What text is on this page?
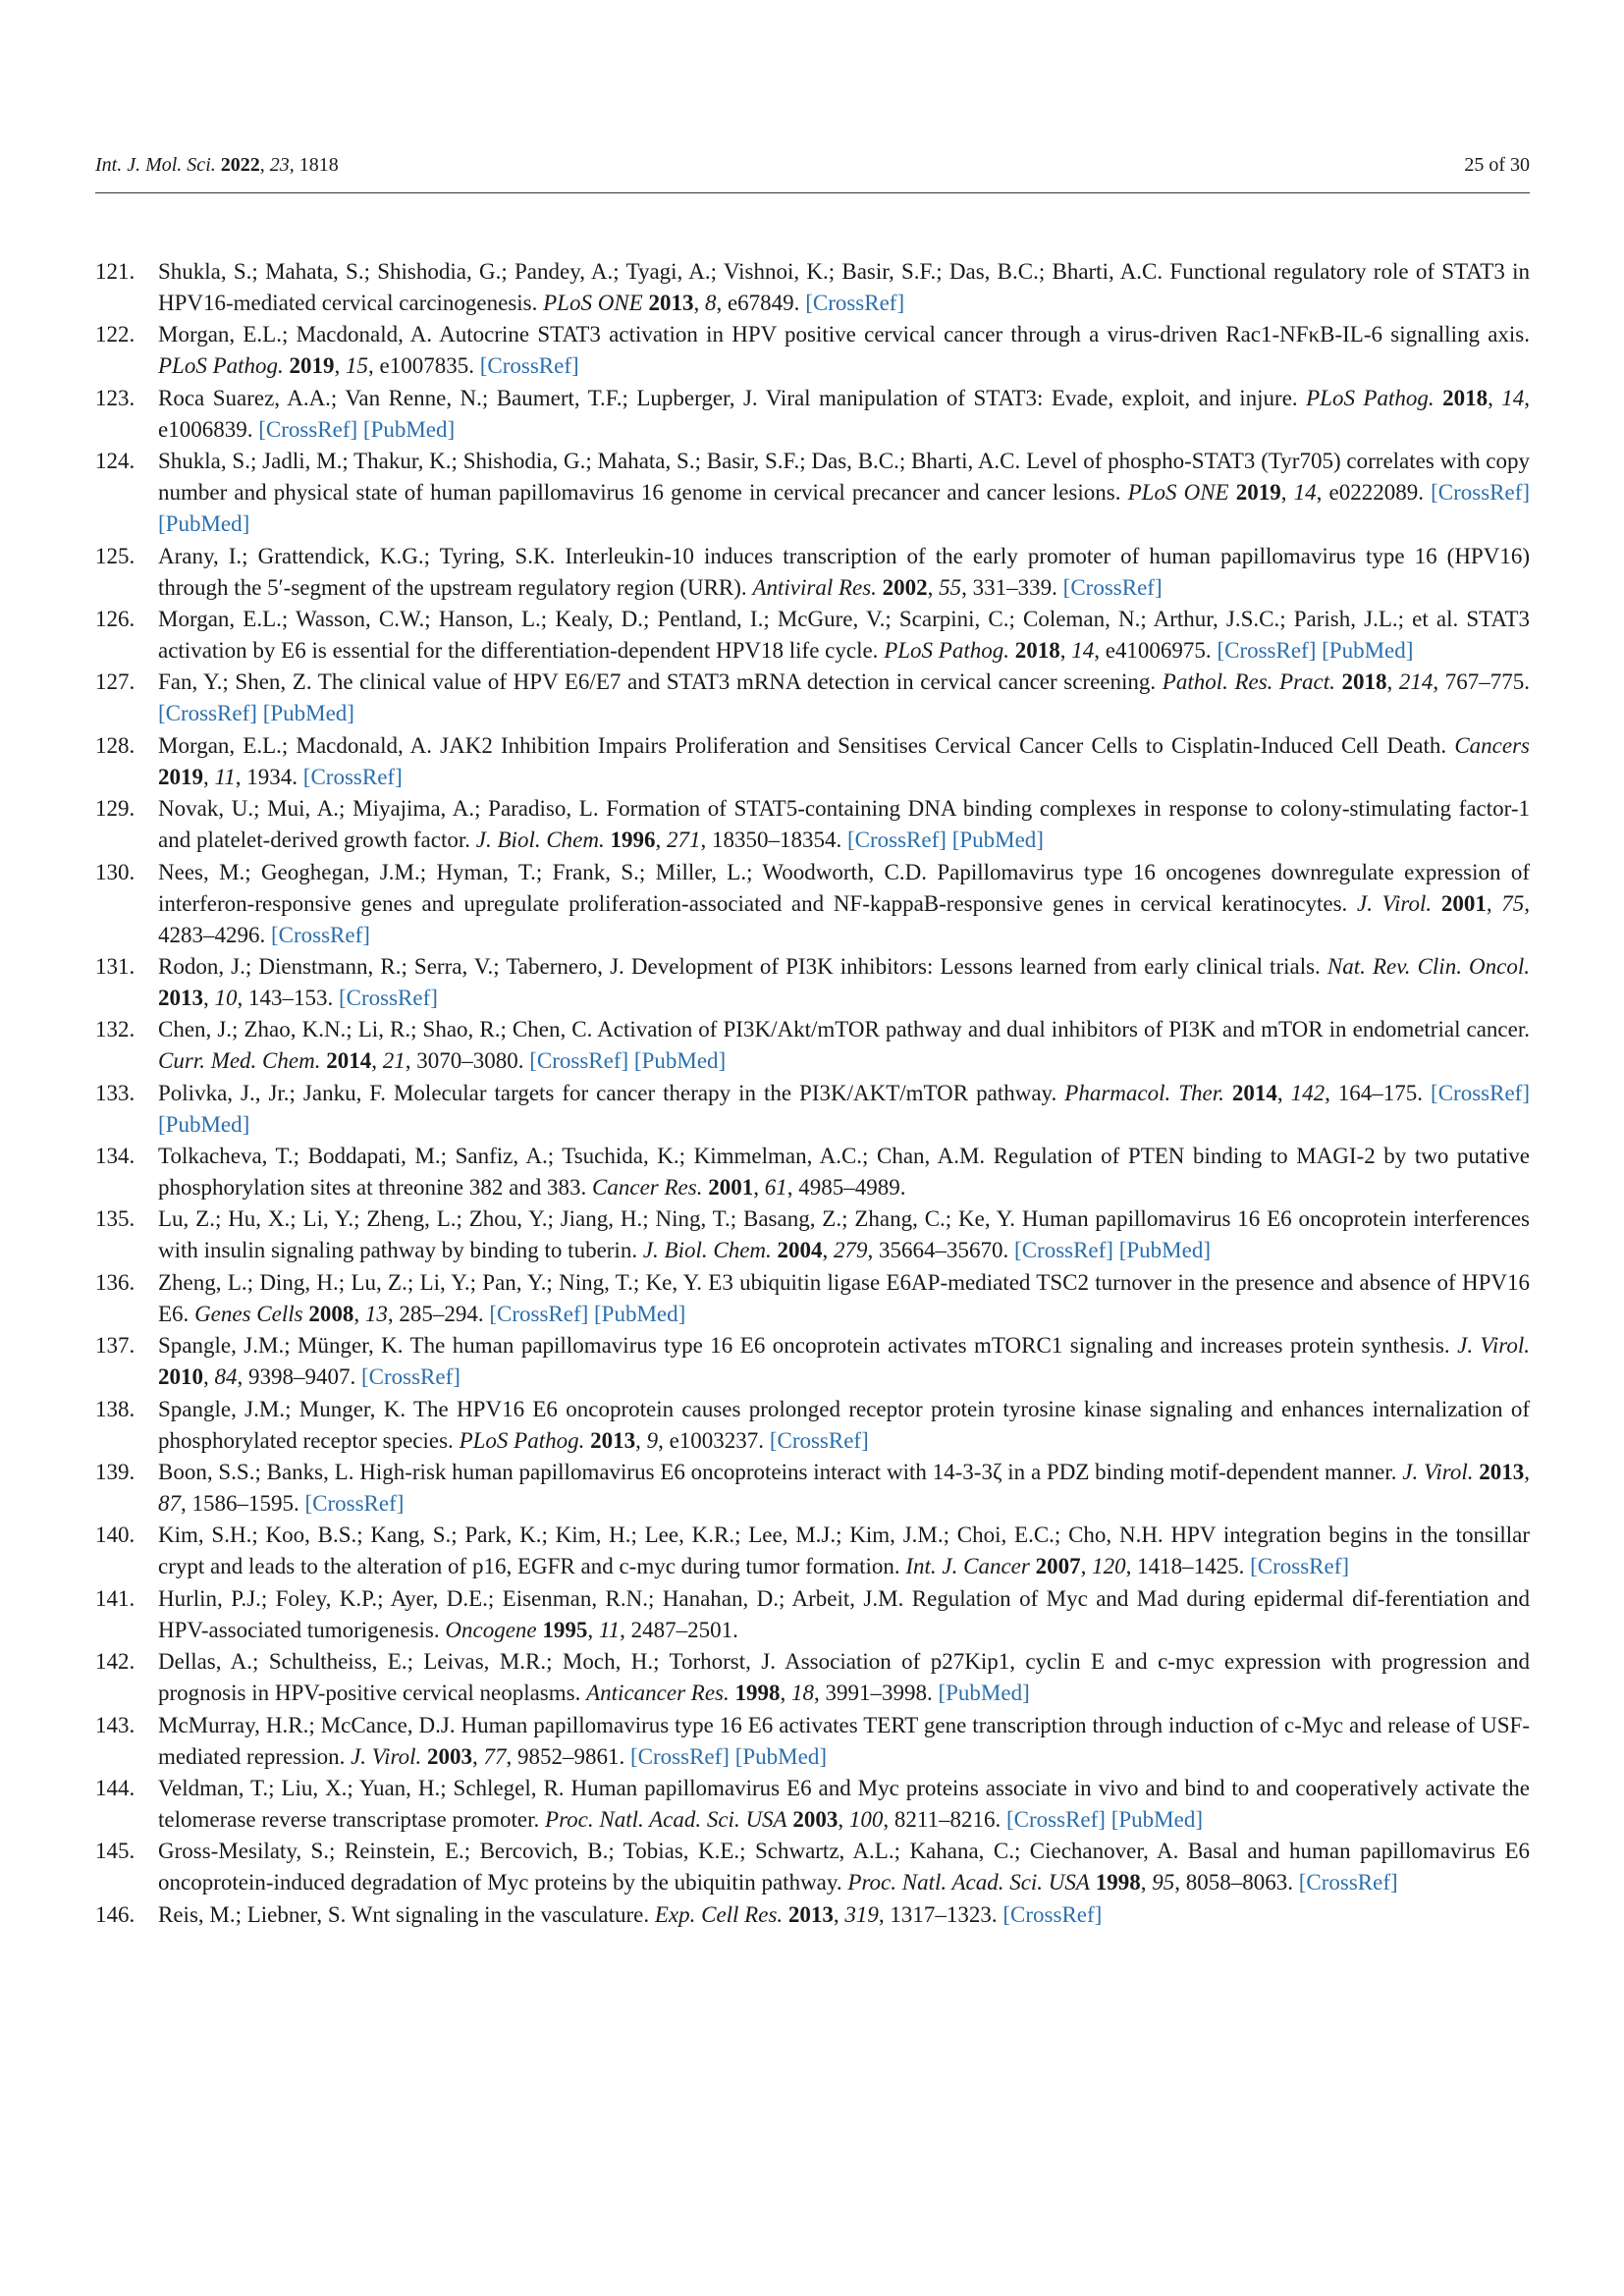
Int. J. Mol. Sci. 2022, 23, 1818	25 of 30
121.	Shukla, S.; Mahata, S.; Shishodia, G.; Pandey, A.; Tyagi, A.; Vishnoi, K.; Basir, S.F.; Das, B.C.; Bharti, A.C. Functional regulatory role of STAT3 in HPV16-mediated cervical carcinogenesis. PLoS ONE 2013, 8, e67849. [CrossRef]
122.	Morgan, E.L.; Macdonald, A. Autocrine STAT3 activation in HPV positive cervical cancer through a virus-driven Rac1-NFκB-IL-6 signalling axis. PLoS Pathog. 2019, 15, e1007835. [CrossRef]
123.	Roca Suarez, A.A.; Van Renne, N.; Baumert, T.F.; Lupberger, J. Viral manipulation of STAT3: Evade, exploit, and injure. PLoS Pathog. 2018, 14, e1006839. [CrossRef] [PubMed]
124.	Shukla, S.; Jadli, M.; Thakur, K.; Shishodia, G.; Mahata, S.; Basir, S.F.; Das, B.C.; Bharti, A.C. Level of phospho-STAT3 (Tyr705) correlates with copy number and physical state of human papillomavirus 16 genome in cervical precancer and cancer lesions. PLoS ONE 2019, 14, e0222089. [CrossRef] [PubMed]
125.	Arany, I.; Grattendick, K.G.; Tyring, S.K. Interleukin-10 induces transcription of the early promoter of human papillomavirus type 16 (HPV16) through the 5′-segment of the upstream regulatory region (URR). Antiviral Res. 2002, 55, 331–339. [CrossRef]
126.	Morgan, E.L.; Wasson, C.W.; Hanson, L.; Kealy, D.; Pentland, I.; McGure, V.; Scarpini, C.; Coleman, N.; Arthur, J.S.C.; Parish, J.L.; et al. STAT3 activation by E6 is essential for the differentiation-dependent HPV18 life cycle. PLoS Pathog. 2018, 14, e41006975. [CrossRef] [PubMed]
127.	Fan, Y.; Shen, Z. The clinical value of HPV E6/E7 and STAT3 mRNA detection in cervical cancer screening. Pathol. Res. Pract. 2018, 214, 767–775. [CrossRef] [PubMed]
128.	Morgan, E.L.; Macdonald, A. JAK2 Inhibition Impairs Proliferation and Sensitises Cervical Cancer Cells to Cisplatin-Induced Cell Death. Cancers 2019, 11, 1934. [CrossRef]
129.	Novak, U.; Mui, A.; Miyajima, A.; Paradiso, L. Formation of STAT5-containing DNA binding complexes in response to colony-stimulating factor-1 and platelet-derived growth factor. J. Biol. Chem. 1996, 271, 18350–18354. [CrossRef] [PubMed]
130.	Nees, M.; Geoghegan, J.M.; Hyman, T.; Frank, S.; Miller, L.; Woodworth, C.D. Papillomavirus type 16 oncogenes downregulate expression of interferon-responsive genes and upregulate proliferation-associated and NF-kappaB-responsive genes in cervical keratinocytes. J. Virol. 2001, 75, 4283–4296. [CrossRef]
131.	Rodon, J.; Dienstmann, R.; Serra, V.; Tabernero, J. Development of PI3K inhibitors: Lessons learned from early clinical trials. Nat. Rev. Clin. Oncol. 2013, 10, 143–153. [CrossRef]
132.	Chen, J.; Zhao, K.N.; Li, R.; Shao, R.; Chen, C. Activation of PI3K/Akt/mTOR pathway and dual inhibitors of PI3K and mTOR in endometrial cancer. Curr. Med. Chem. 2014, 21, 3070–3080. [CrossRef] [PubMed]
133.	Polivka, J., Jr.; Janku, F. Molecular targets for cancer therapy in the PI3K/AKT/mTOR pathway. Pharmacol. Ther. 2014, 142, 164–175. [CrossRef] [PubMed]
134.	Tolkacheva, T.; Boddapati, M.; Sanfiz, A.; Tsuchida, K.; Kimmelman, A.C.; Chan, A.M. Regulation of PTEN binding to MAGI-2 by two putative phosphorylation sites at threonine 382 and 383. Cancer Res. 2001, 61, 4985–4989.
135.	Lu, Z.; Hu, X.; Li, Y.; Zheng, L.; Zhou, Y.; Jiang, H.; Ning, T.; Basang, Z.; Zhang, C.; Ke, Y. Human papillomavirus 16 E6 oncoprotein interferences with insulin signaling pathway by binding to tuberin. J. Biol. Chem. 2004, 279, 35664–35670. [CrossRef] [PubMed]
136.	Zheng, L.; Ding, H.; Lu, Z.; Li, Y.; Pan, Y.; Ning, T.; Ke, Y. E3 ubiquitin ligase E6AP-mediated TSC2 turnover in the presence and absence of HPV16 E6. Genes Cells 2008, 13, 285–294. [CrossRef] [PubMed]
137.	Spangle, J.M.; Münger, K. The human papillomavirus type 16 E6 oncoprotein activates mTORC1 signaling and increases protein synthesis. J. Virol. 2010, 84, 9398–9407. [CrossRef]
138.	Spangle, J.M.; Munger, K. The HPV16 E6 oncoprotein causes prolonged receptor protein tyrosine kinase signaling and enhances internalization of phosphorylated receptor species. PLoS Pathog. 2013, 9, e1003237. [CrossRef]
139.	Boon, S.S.; Banks, L. High-risk human papillomavirus E6 oncoproteins interact with 14-3-3ζ in a PDZ binding motif-dependent manner. J. Virol. 2013, 87, 1586–1595. [CrossRef]
140.	Kim, S.H.; Koo, B.S.; Kang, S.; Park, K.; Kim, H.; Lee, K.R.; Lee, M.J.; Kim, J.M.; Choi, E.C.; Cho, N.H. HPV integration begins in the tonsillar crypt and leads to the alteration of p16, EGFR and c-myc during tumor formation. Int. J. Cancer 2007, 120, 1418–1425. [CrossRef]
141.	Hurlin, P.J.; Foley, K.P.; Ayer, D.E.; Eisenman, R.N.; Hanahan, D.; Arbeit, J.M. Regulation of Myc and Mad during epidermal dif-ferentiation and HPV-associated tumorigenesis. Oncogene 1995, 11, 2487–2501.
142.	Dellas, A.; Schultheiss, E.; Leivas, M.R.; Moch, H.; Torhorst, J. Association of p27Kip1, cyclin E and c-myc expression with progression and prognosis in HPV-positive cervical neoplasms. Anticancer Res. 1998, 18, 3991–3998. [PubMed]
143.	McMurray, H.R.; McCance, D.J. Human papillomavirus type 16 E6 activates TERT gene transcription through induction of c-Myc and release of USF-mediated repression. J. Virol. 2003, 77, 9852–9861. [CrossRef] [PubMed]
144.	Veldman, T.; Liu, X.; Yuan, H.; Schlegel, R. Human papillomavirus E6 and Myc proteins associate in vivo and bind to and cooperatively activate the telomerase reverse transcriptase promoter. Proc. Natl. Acad. Sci. USA 2003, 100, 8211–8216. [CrossRef] [PubMed]
145.	Gross-Mesilaty, S.; Reinstein, E.; Bercovich, B.; Tobias, K.E.; Schwartz, A.L.; Kahana, C.; Ciechanover, A. Basal and human papillomavirus E6 oncoprotein-induced degradation of Myc proteins by the ubiquitin pathway. Proc. Natl. Acad. Sci. USA 1998, 95, 8058–8063. [CrossRef]
146.	Reis, M.; Liebner, S. Wnt signaling in the vasculature. Exp. Cell Res. 2013, 319, 1317–1323. [CrossRef]
